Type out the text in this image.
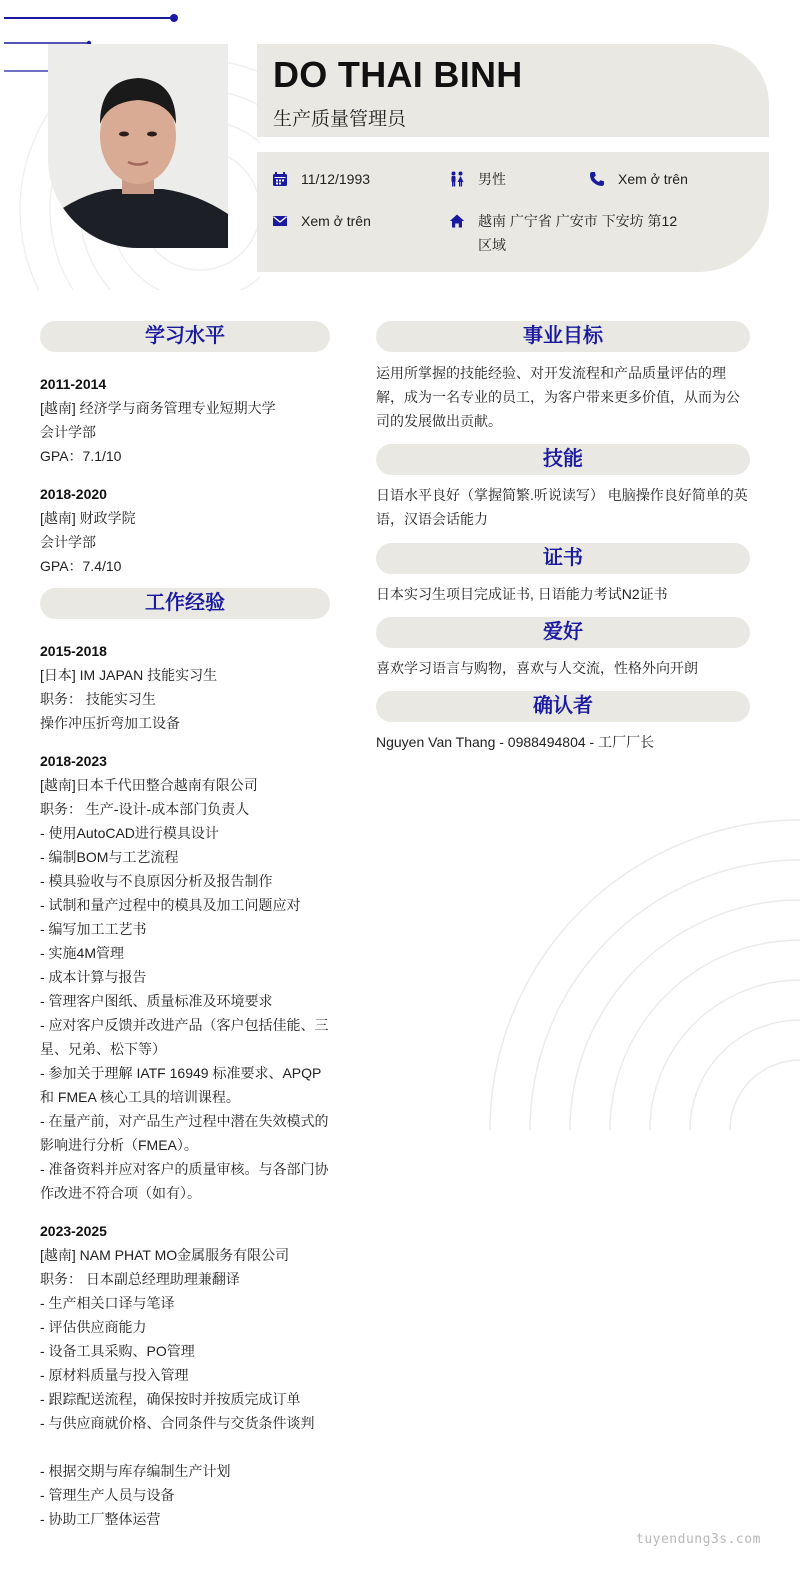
DO THAI BINH
生产质量管理员
11/12/1993	男性	Xem ở trên
Xem ở trên	越南 广宁省 广安市 下安坊 第12
区域
学习水平
2011-2014
[越南] 经济学与商务管理专业短期大学
会计学部
GPA：7.1/10
2018-2020
[越南] 财政学院
会计学部
GPA：7.4/10
工作经验
2015-2018
[日本] IM JAPAN 技能实习生
职务： 技能实习生
操作冲压折弯加工设备
2018-2023
[越南]日本千代田整合越南有限公司
职务： 生产-设计-成本部门负责人
- 使用AutoCAD进行模具设计
- 编制BOM与工艺流程
- 模具验收与不良原因分析及报告制作
- 试制和量产过程中的模具及加工问题应对
- 编写加工工艺书
- 实施4M管理
- 成本计算与报告
- 管理客户图纸、质量标准及环境要求
- 应对客户反馈并改进产品（客户包括佳能、三
星、兄弟、松下等）
- 参加关于理解 IATF 16949 标准要求、APQP
和 FMEA 核心工具的培训课程。
- 在量产前，对产品生产过程中潜在失效模式的
影响进行分析（FMEA）。
- 准备资料并应对客户的质量审核。与各部门协
作改进不符合项（如有）。
2023-2025
[越南] NAM PHAT MO金属服务有限公司
职务： 日本副总经理助理兼翻译
- 生产相关口译与笔译
- 评估供应商能力
- 设备工具采购、PO管理
- 原材料质量与投入管理
- 跟踪配送流程，确保按时并按质完成订单
- 与供应商就价格、合同条件与交货条件谈判
- 根据交期与库存编制生产计划
- 管理生产人员与设备
- 协助工厂整体运营
事业目标
运用所掌握的技能经验、对开发流程和产品质量评估的理
解，成为一名专业的员工，为客户带来更多价值，从而为公
司的发展做出贡献。
技能
日语水平良好（掌握简繁.听说读写） 电脑操作良好简单的英
语，汉语会话能力
证书
日本实习生项目完成证书, 日语能力考试N2证书
爱好
喜欢学习语言与购物，喜欢与人交流，性格外向开朗
确认者
Nguyen Van Thang - 0988494804 - 工厂厂长
tuyendung3s.com
